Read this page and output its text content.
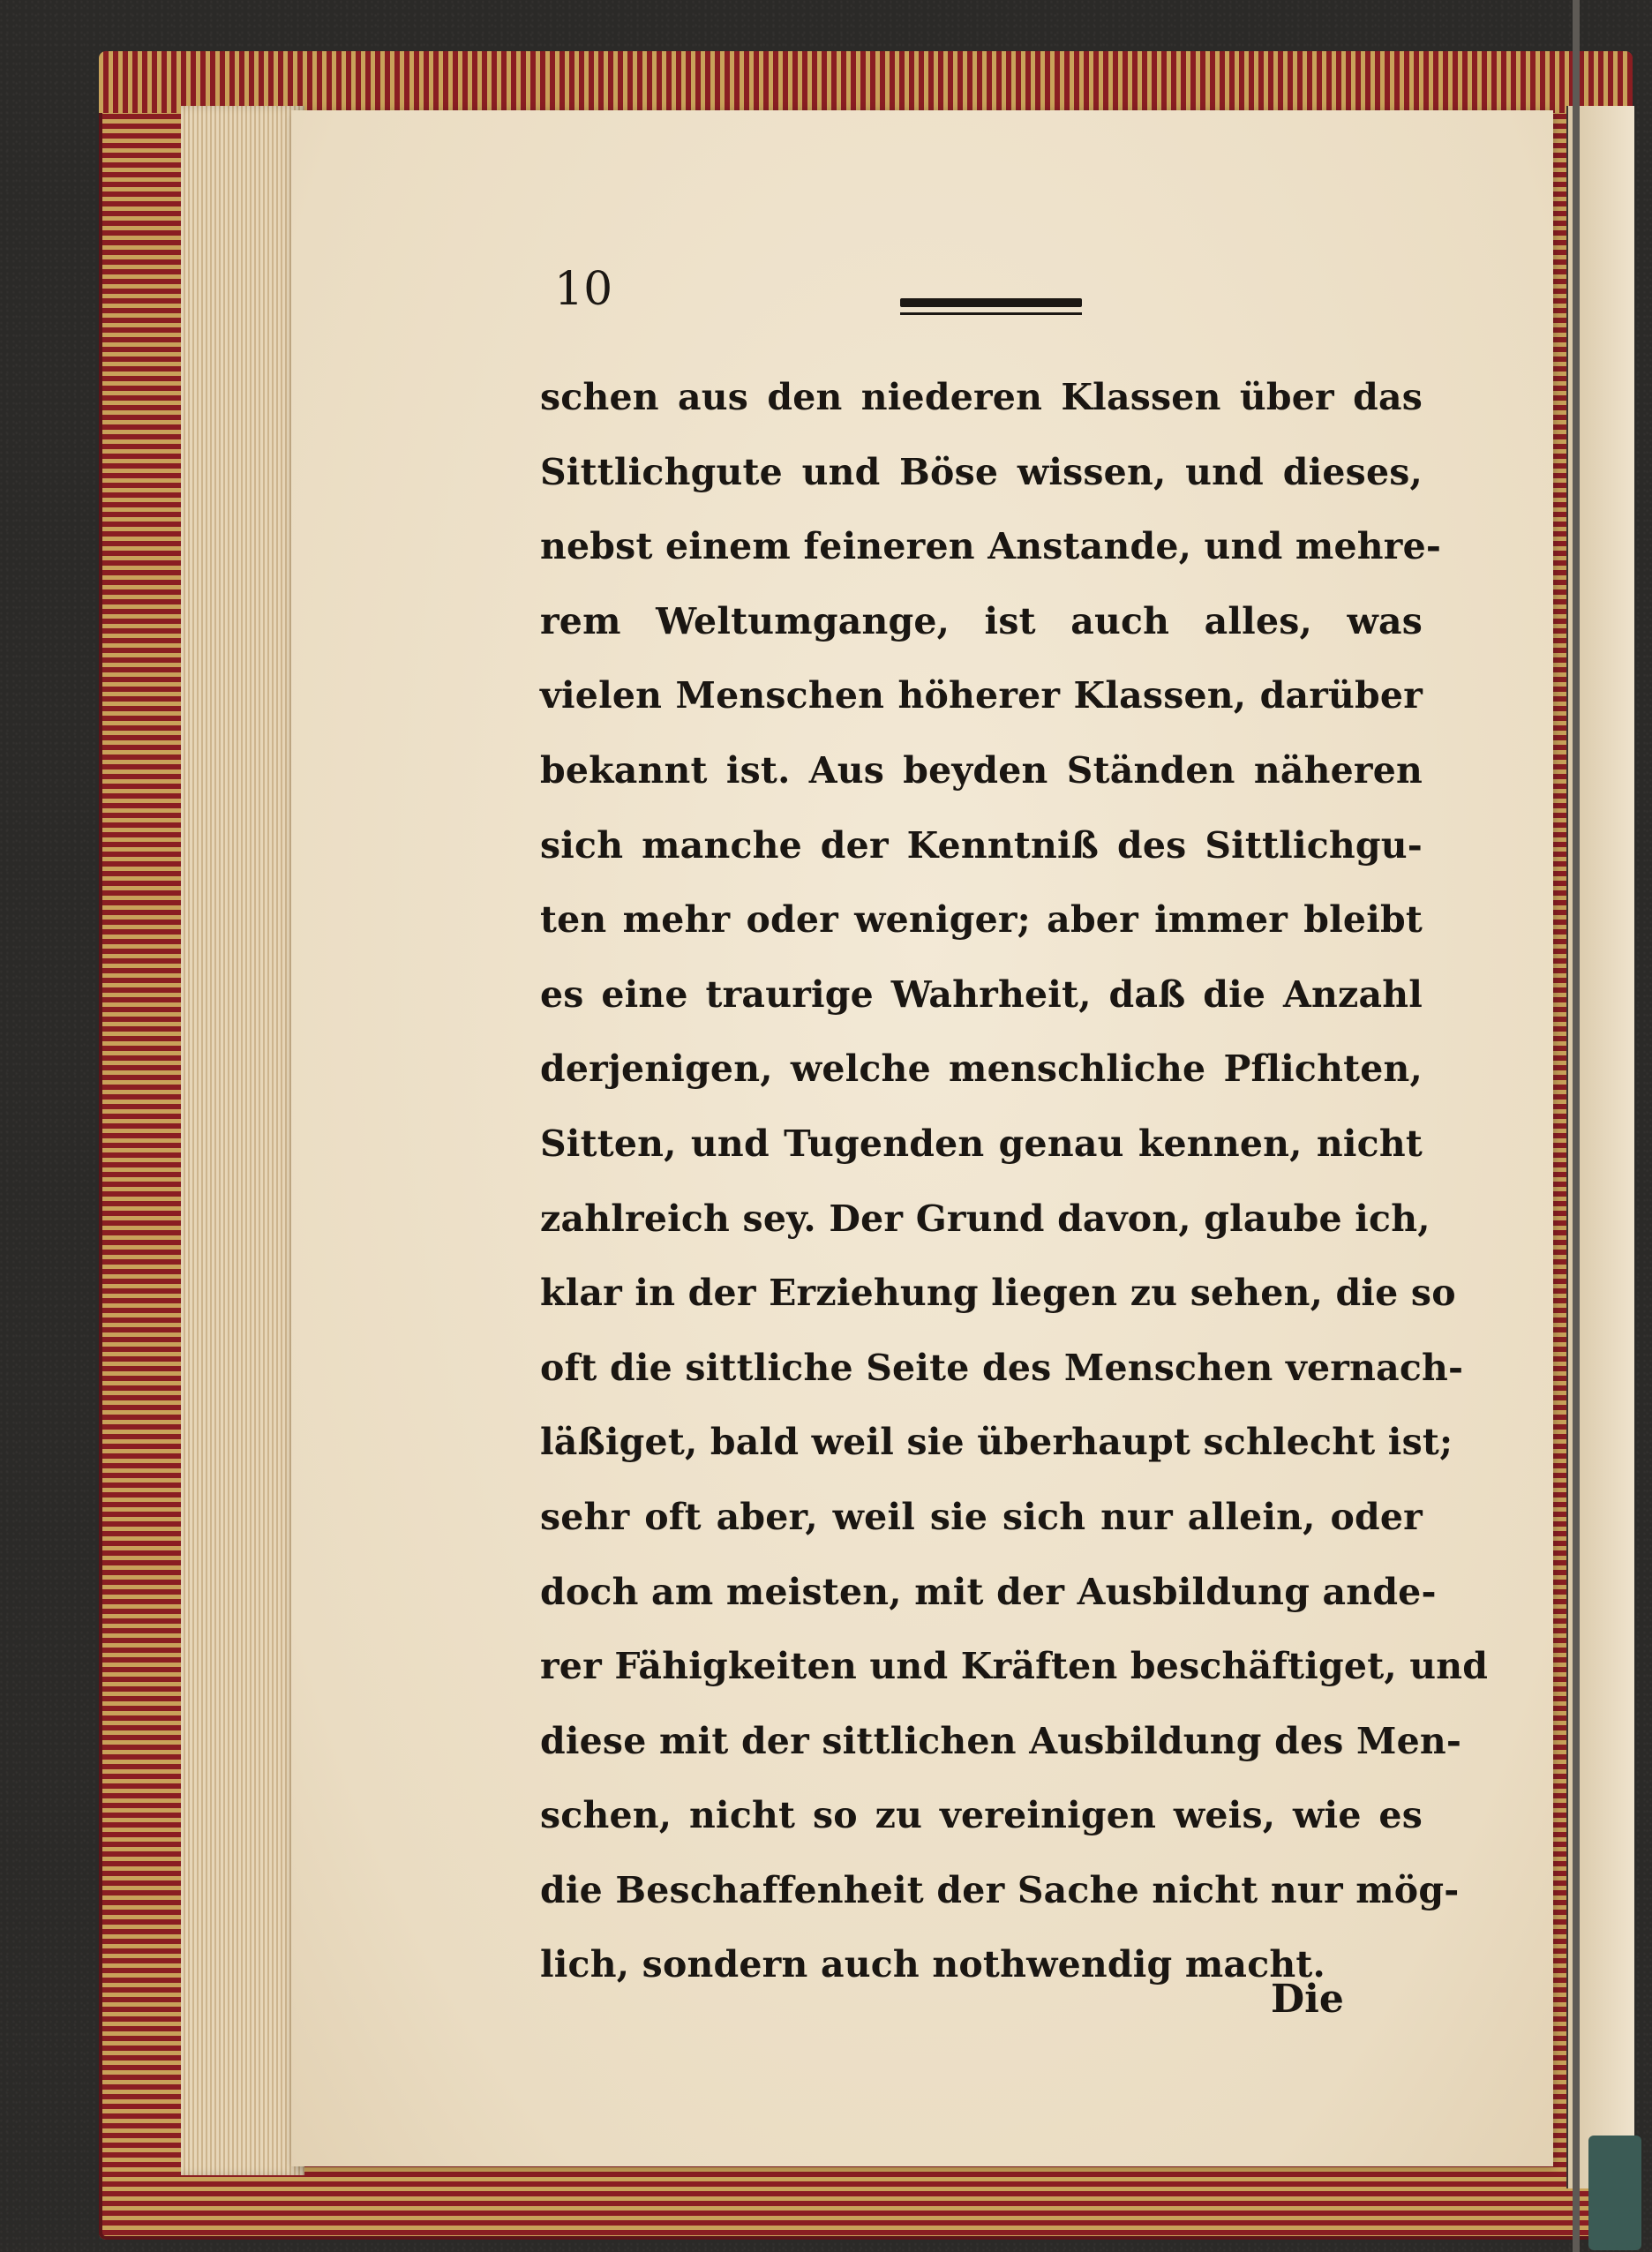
10
schen aus den niederen Klassen über das
Sittlichgute und Böse wissen, und dieses,
nebst einem feineren Anstande, und mehre-
rem Weltumgange, ist auch alles, was
vielen Menschen höherer Klassen, darüber
bekannt ist. Aus beyden Ständen näheren
sich manche der Kenntniß des Sittlichgu-
ten mehr oder weniger; aber immer bleibt
es eine traurige Wahrheit, daß die Anzahl
derjenigen, welche menschliche Pflichten,
Sitten, und Tugenden genau kennen, nicht
zahlreich sey. Der Grund davon, glaube ich,
klar in der Erziehung liegen zu sehen, die so
oft die sittliche Seite des Menschen vernach-
läßiget, bald weil sie überhaupt schlecht ist;
sehr oft aber, weil sie sich nur allein, oder
doch am meisten, mit der Ausbildung ande-
rer Fähigkeiten und Kräften beschäftiget, und
diese mit der sittlichen Ausbildung des Men-
schen, nicht so zu vereinigen weis, wie es
die Beschaffenheit der Sache nicht nur mög-
lich, sondern auch nothwendig macht.
Die
